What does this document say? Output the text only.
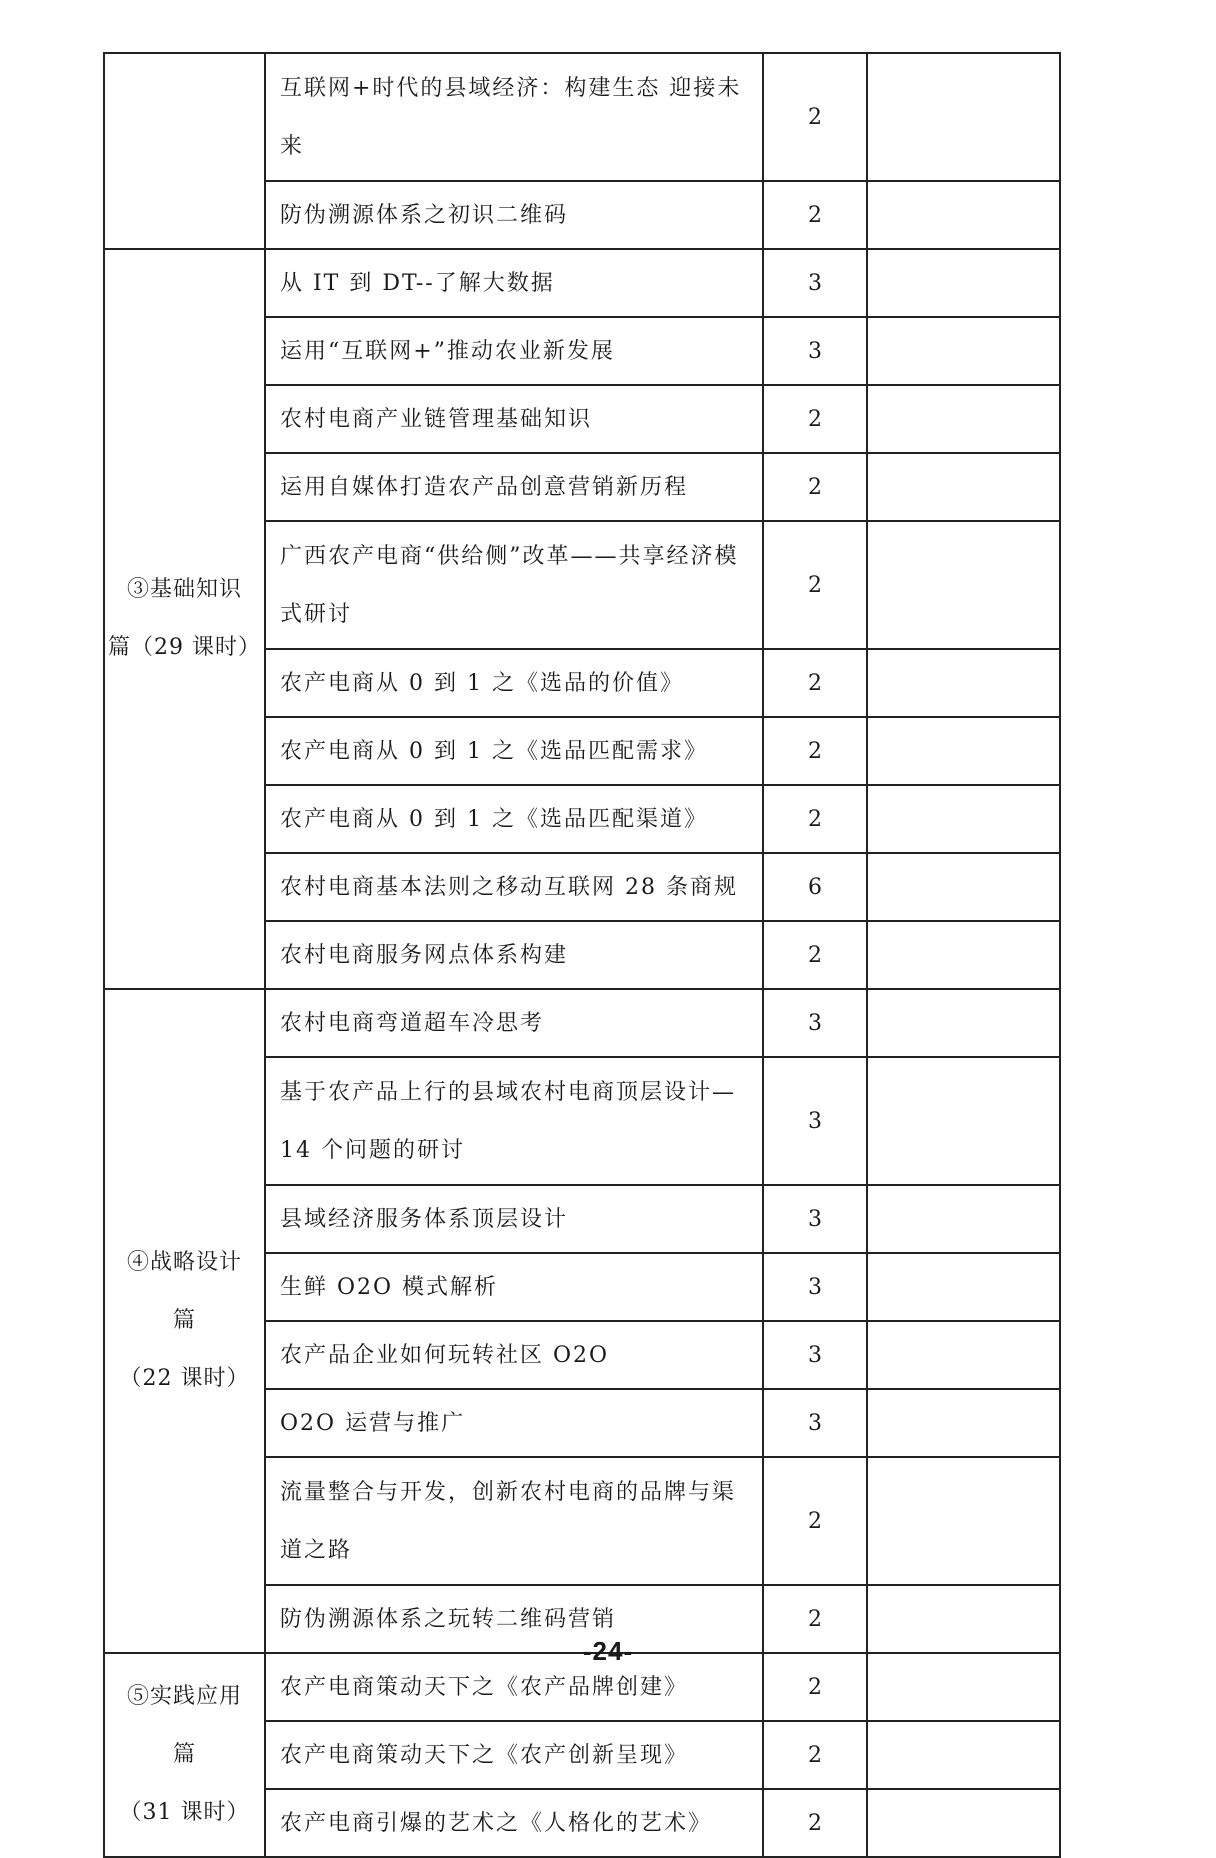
	互联网+时代的县域经济：构建生态 迎接未来	2	
	防伪溯源体系之初识二维码	2	

③基础知识
篇（29 课时）	从 IT 到 DT--了解大数据	3	
	运用“互联网+”推动农业新发展	3	
	农村电商产业链管理基础知识	2	
	运用自媒体打造农产品创意营销新历程	2	
	广西农产电商“供给侧”改革——共享经济模式研讨	2	
	农产电商从 0 到 1 之《选品的价值》	2	
	农产电商从 0 到 1 之《选品匹配需求》	2	
	农产电商从 0 到 1 之《选品匹配渠道》	2	
	农村电商基本法则之移动互联网 28 条商规	6	
	农村电商服务网点体系构建	2	

④战略设计
篇
（22 课时）	农村电商弯道超车冷思考	3	
	基于农产品上行的县域农村电商顶层设计—14 个问题的研讨	3	
	县域经济服务体系顶层设计	3	
	生鲜 O2O 模式解析	3	
	农产品企业如何玩转社区 O2O	3	
	O2O 运营与推广	3	
	流量整合与开发，创新农村电商的品牌与渠道之路	2	
	防伪溯源体系之玩转二维码营销	2	

⑤实践应用
篇
（31 课时）	农产电商策动天下之《农产品牌创建》	2	
	农产电商策动天下之《农产创新呈现》	2	
	农产电商引爆的艺术之《人格化的艺术》	2	
-24-
